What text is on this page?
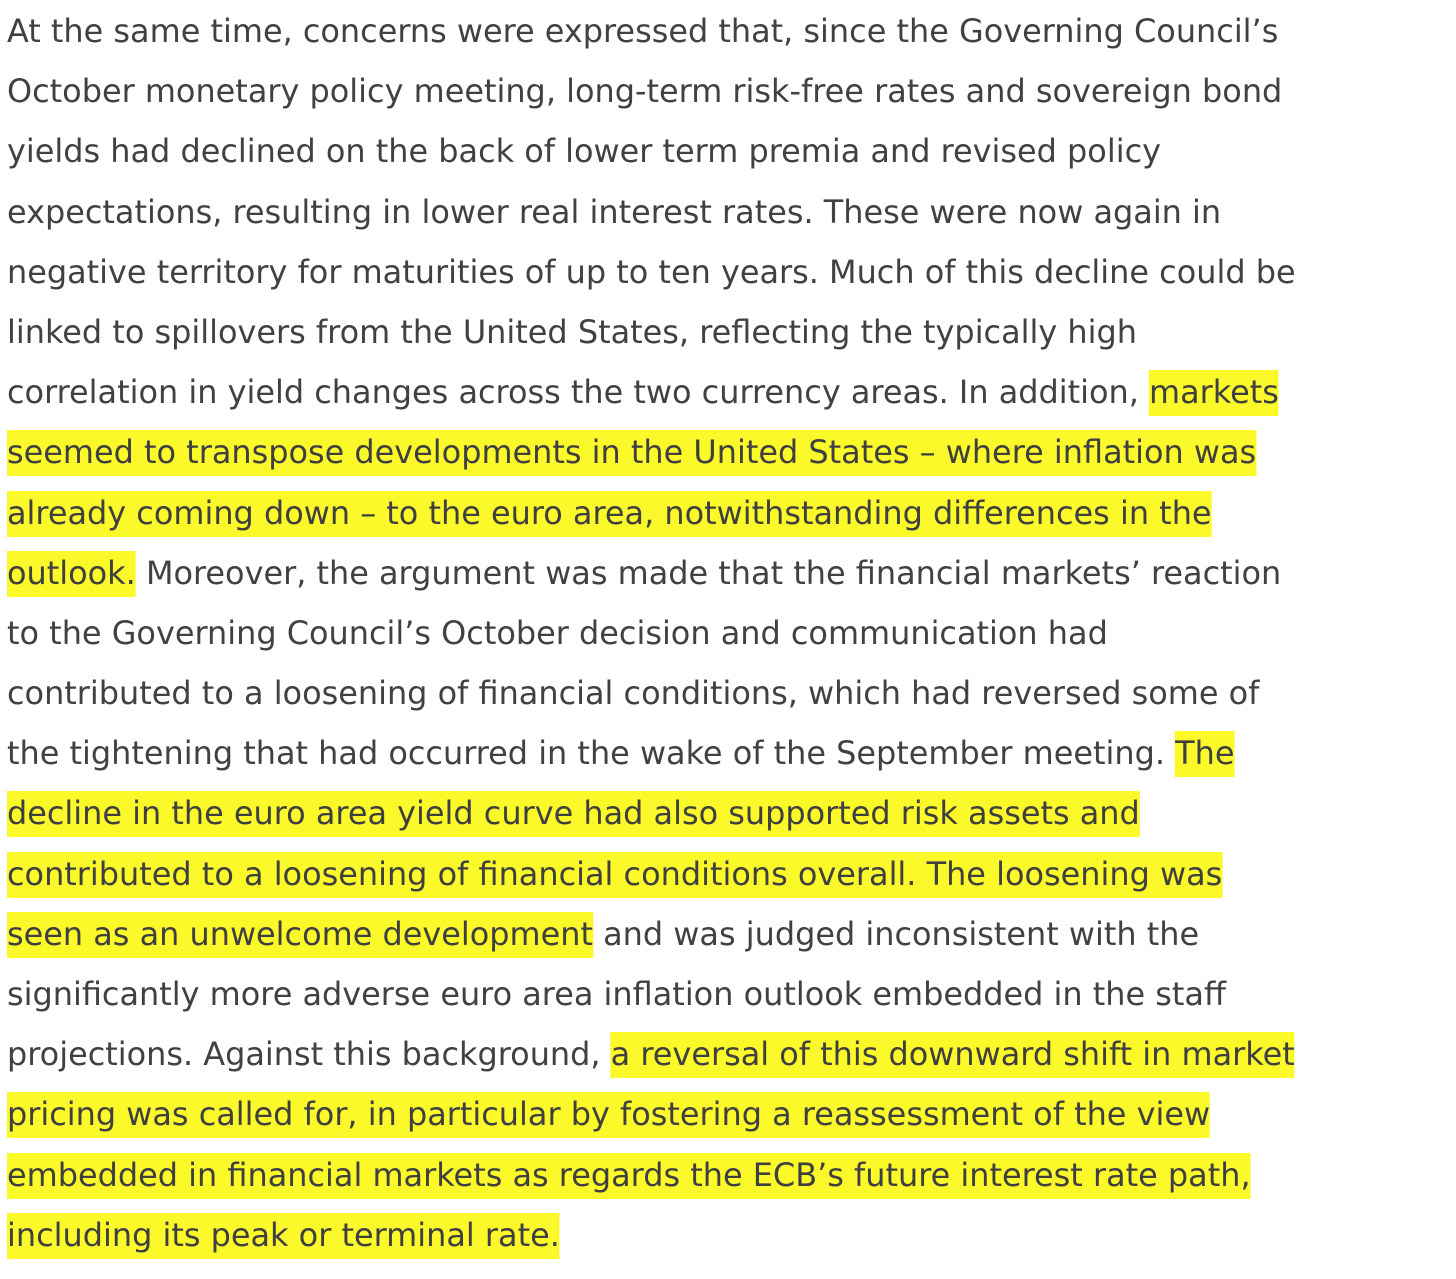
At the same time, concerns were expressed that, since the Governing Council’s
October monetary policy meeting, long-term risk-free rates and sovereign bond
yields had declined on the back of lower term premia and revised policy
expectations, resulting in lower real interest rates. These were now again in
negative territory for maturities of up to ten years. Much of this decline could be
linked to spillovers from the United States, reflecting the typically high
correlation in yield changes across the two currency areas. In addition, markets
seemed to transpose developments in the United States – where inflation was
already coming down – to the euro area, notwithstanding differences in the
outlook. Moreover, the argument was made that the financial markets’ reaction
to the Governing Council’s October decision and communication had
contributed to a loosening of financial conditions, which had reversed some of
the tightening that had occurred in the wake of the September meeting. The
decline in the euro area yield curve had also supported risk assets and
contributed to a loosening of financial conditions overall. The loosening was
seen as an unwelcome development and was judged inconsistent with the
significantly more adverse euro area inflation outlook embedded in the staff
projections. Against this background, a reversal of this downward shift in market
pricing was called for, in particular by fostering a reassessment of the view
embedded in financial markets as regards the ECB’s future interest rate path,
including its peak or terminal rate.
